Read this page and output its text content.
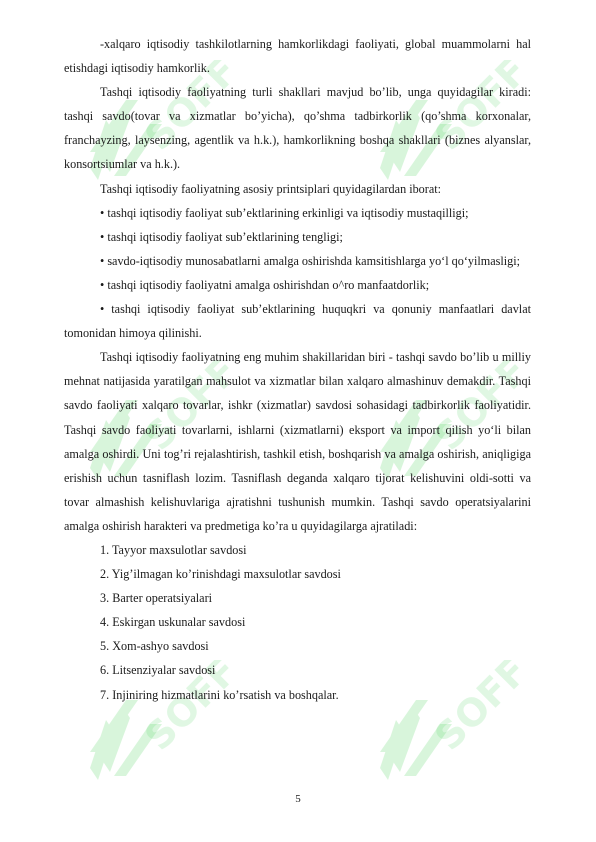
SOFF	SOFF
SOFF	SOFF
SOFF	SOFF

-xalqaro iqtisodiy tashkilotlarning hamkorlikdagi faoliyati, global muammolarni hal etishdagi iqtisodiy hamkorlik.

Tashqi iqtisodiy faoliyatning turli shakllari mavjud bo’lib, unga quyidagilar kiradi: tashqi savdo(tovar va xizmatlar bo’yicha), qo’shma tadbirkorlik (qo’shma korxonalar, franchayzing, laysenzing, agentlik va h.k.), hamkorlikning boshqa shakllari (biznes alyanslar, konsortsiumlar va h.k.).

Tashqi iqtisodiy faoliyatning asosiy printsiplari quyidagilardan iborat:

• tashqi iqtisodiy faoliyat sub’ektlarining erkinligi va iqtisodiy mustaqilligi;

• tashqi iqtisodiy faoliyat sub’ektlarining tengligi;

• savdo-iqtisodiy munosabatlarni amalga oshirishda kamsitishlarga yo‘l qo‘yilmasligi;

• tashqi iqtisodiy faoliyatni amalga oshirishdan o^ro manfaatdorlik;

• tashqi iqtisodiy faoliyat sub’ektlarining huquqkri va qonuniy manfaatlari davlat tomonidan himoya qilinishi.

Tashqi iqtisodiy faoliyatning eng muhim shakillaridan biri - tashqi savdo bo’lib u milliy mehnat natijasida yaratilgan mahsulot va xizmatlar bilan xalqaro almashinuv demakdir. Tashqi savdo faoliyati xalqaro tovarlar, ishkr (xizmatlar) savdosi sohasidagi tadbirkorlik faoliyatidir. Tashqi savdo faoliyati tovarlarni, ishlarni (xizmatlarni) eksport va import qilish yo‘li bilan amalga oshirdi. Uni tog’ri rejalashtirish, tashkil etish, boshqarish va amalga oshirish, aniqligiga erishish uchun tasniflash lozim. Tasniflash deganda xalqaro tijorat kelishuvini oldi-sotti va tovar almashish kelishuvlariga ajratishni tushunish mumkin. Tashqi savdo operatsiyalarini amalga oshirish harakteri va predmetiga ko’ra u quyidagilarga ajratiladi:

1. Tayyor maxsulotlar savdosi

2. Yig’ilmagan ko’rinishdagi maxsulotlar savdosi

3. Barter operatsiyalari

4. Eskirgan uskunalar savdosi

5. Xom-ashyo savdosi

6. Litsenziyalar savdosi

7. Injiniring hizmatlarini ko’rsatish va boshqalar.

5
